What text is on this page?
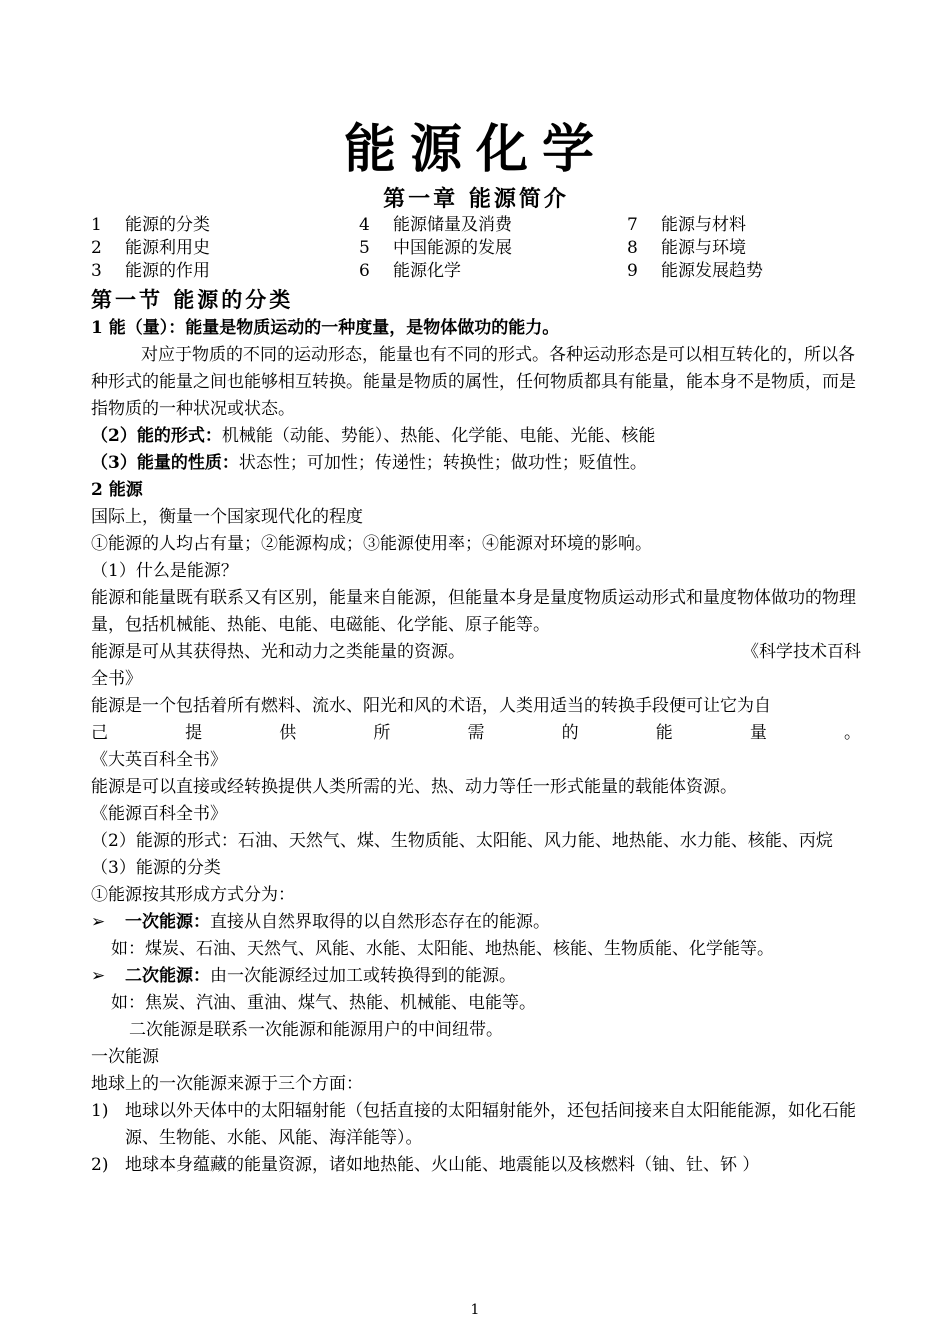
能源化学
第一章 能源简介
1	能源的分类	4	能源储量及消费	7	能源与材料
2	能源利用史	5	中国能源的发展	8	能源与环境
3	能源的作用	6	能源化学	9	能源发展趋势
第一节 能源的分类

1 能（量）：能量是物质运动的一种度量，是物体做功的能力。

对应于物质的不同的运动形态，能量也有不同的形式。各种运动形态是可以相互转化的，所以各种形式的能量之间也能够相互转换。能量是物质的属性，任何物质都具有能量，能本身不是物质，而是指物质的一种状况或状态。

（2）能的形式：机械能（动能、势能）、热能、化学能、电能、光能、核能

（3）能量的性质：状态性；可加性；传递性；转换性；做功性；贬值性。

2 能源

国际上，衡量一个国家现代化的程度

①能源的人均占有量；②能源构成；③能源使用率；④能源对环境的影响。

（1）什么是能源？

能源和能量既有联系又有区别，能量来自能源，但能量本身是量度物质运动形式和量度物体做功的物理量，包括机械能、热能、电能、电磁能、化学能、原子能等。

能源是可从其获得热、光和动力之类能量的资源。	《科学技术百科

全书》

能源是一个包括着所有燃料、流水、阳光和风的术语，人类用适当的转换手段便可让它为自

己	提	供	所	需	的	能	量	。

《大英百科全书》

能源是可以直接或经转换提供人类所需的光、热、动力等任一形式能量的载能体资源。

《能源百科全书》

（2）能源的形式：石油、天然气、煤、生物质能、太阳能、风力能、地热能、水力能、核能、丙烷

（3）能源的分类

①能源按其形成方式分为：

➢	一次能源：直接从自然界取得的以自然形态存在的能源。

如：煤炭、石油、天然气、风能、水能、太阳能、地热能、核能、生物质能、化学能等。

➢	二次能源：由一次能源经过加工或转换得到的能源。

如：焦炭、汽油、重油、煤气、热能、机械能、电能等。

二次能源是联系一次能源和能源用户的中间纽带。

一次能源

地球上的一次能源来源于三个方面：

1) 地球以外天体中的太阳辐射能（包括直接的太阳辐射能外，还包括间接来自太阳能能源，如化石能源、生物能、水能、风能、海洋能等）。
2) 地球本身蕴藏的能量资源，诸如地热能、火山能、地震能以及核燃料（铀、钍、钚 ）
1
